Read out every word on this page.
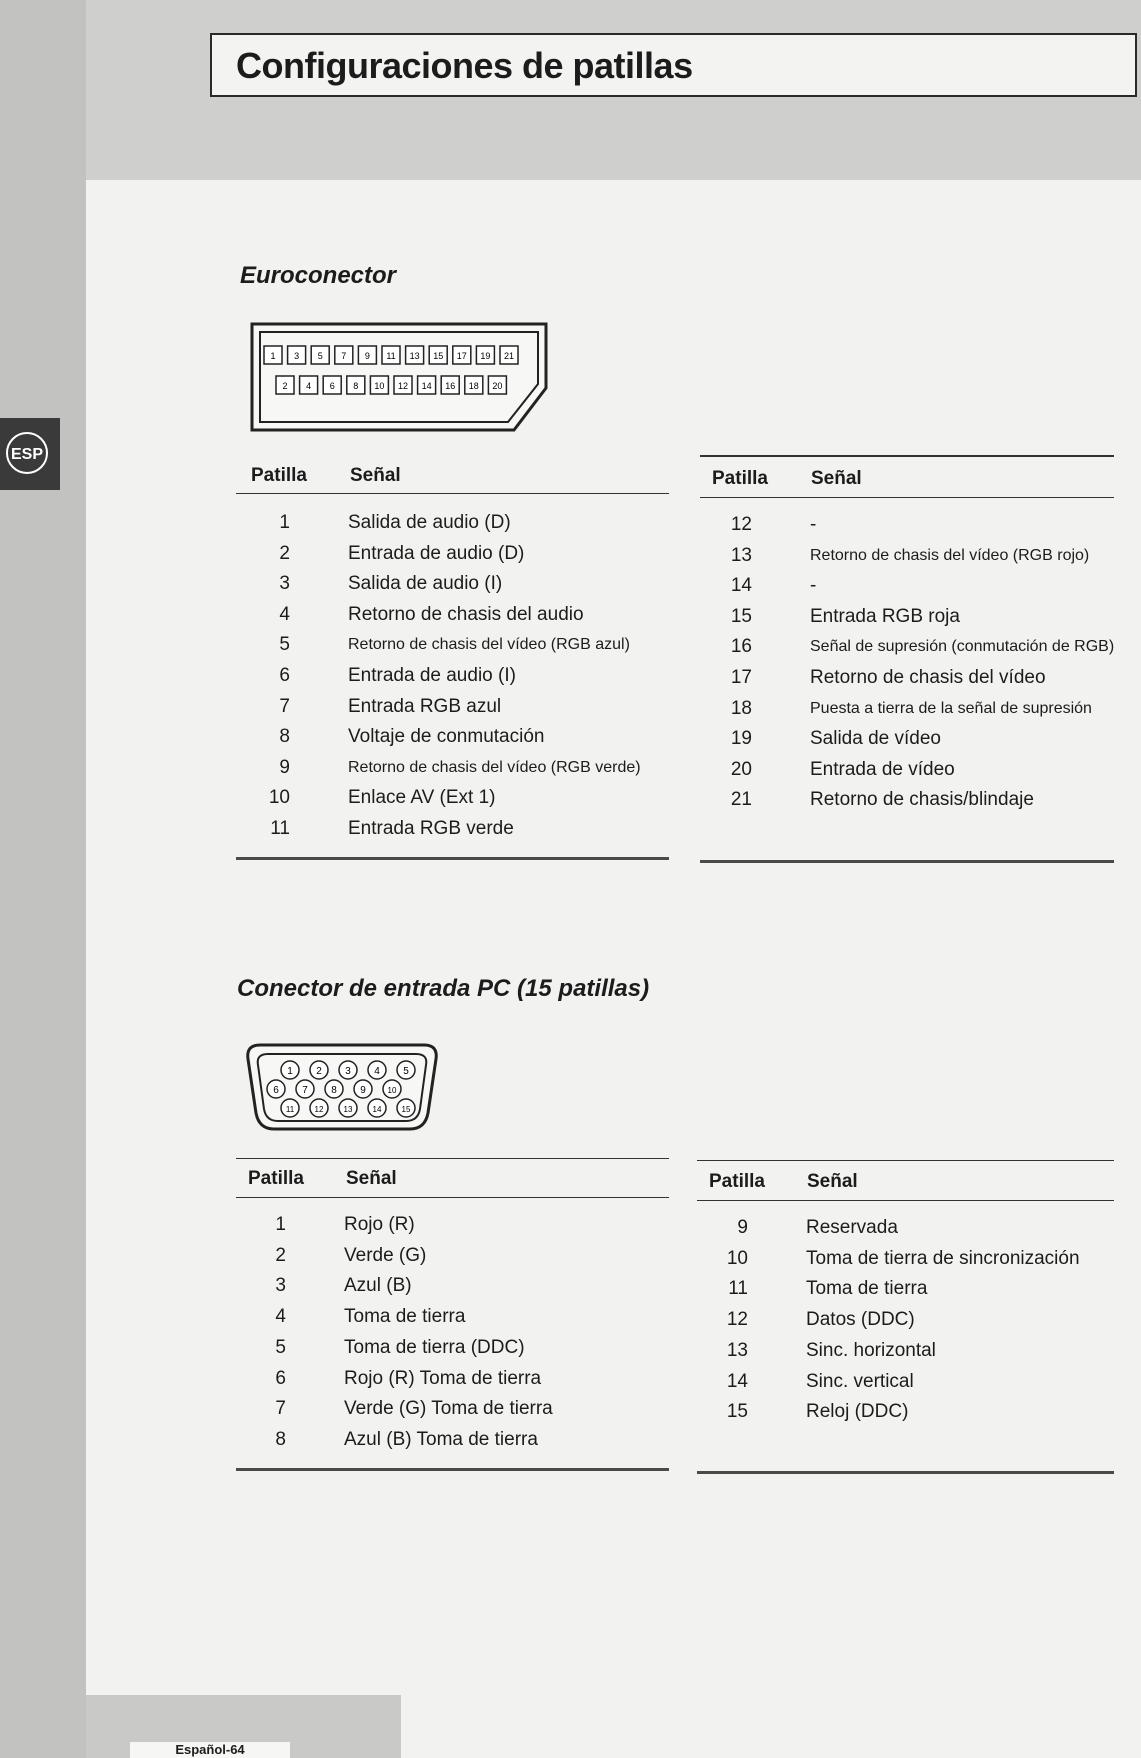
Español-64
Configuraciones de patillas
ESP
Euroconector
1 3 5 7 9 11 13 15 17 19 21
2 4 6 8 10 12 14 16 18 20
Patilla Señal	Patilla Señal
1	Salida de audio (D)
2	Entrada de audio (D)
3	Salida de audio (I)
4	Retorno de chasis del audio
5	Retorno de chasis del vídeo (RGB azul)
6	Entrada de audio (I)
7	Entrada RGB azul
8	Voltaje de conmutación
9	Retorno de chasis del vídeo (RGB verde)
10	Enlace AV (Ext 1)
11	Entrada RGB verde
12	-
13	Retorno de chasis del vídeo (RGB rojo)
14	-
15	Entrada RGB roja
16	Señal de supresión (conmutación de RGB)
17	Retorno de chasis del vídeo
18	Puesta a tierra de la señal de supresión
19	Salida de vídeo
20	Entrada de vídeo
21	Retorno de chasis/blindaje
Conector de entrada PC (15 patillas)
1 2 3 4 5
6 7 8 9	10
11	12	13	14	15
Patilla Señal	Patilla Señal
1	Rojo (R)
2	Verde (G)
3	Azul (B)
4	Toma de tierra
5	Toma de tierra (DDC)
6	Rojo (R) Toma de tierra
7	Verde (G) Toma de tierra
8	Azul (B) Toma de tierra
9	Reservada
10	Toma de tierra de sincronización
11	Toma de tierra
12	Datos (DDC)
13	Sinc. horizontal
14	Sinc. vertical
15	Reloj (DDC)
